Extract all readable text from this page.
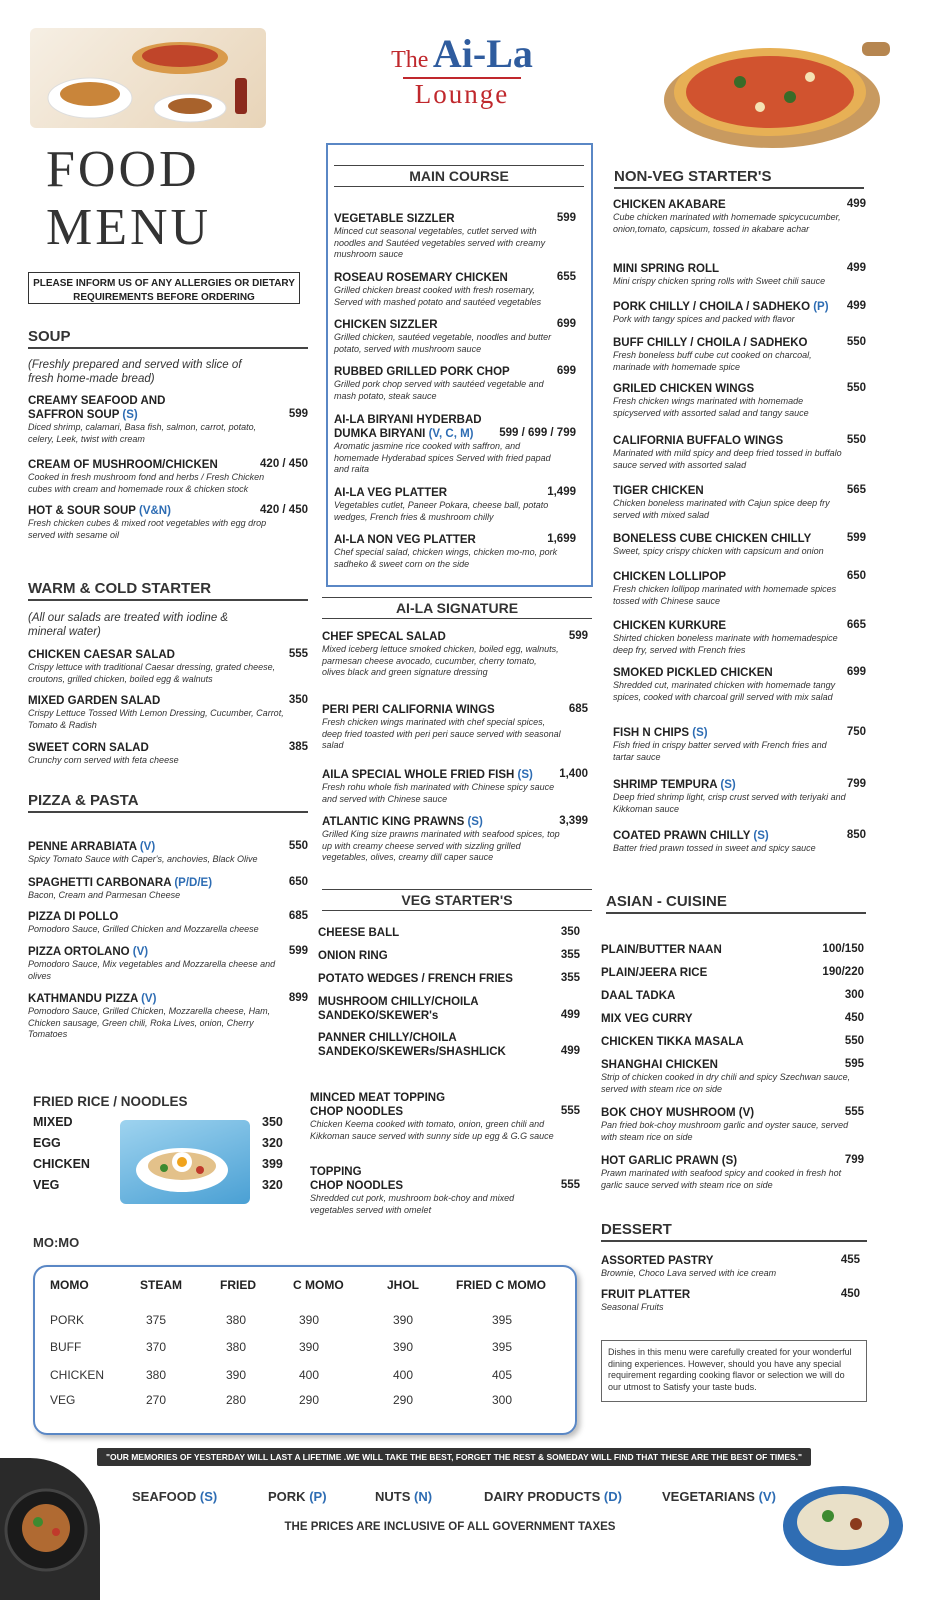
The Ai-La
Lounge
FOOD
MENU
PLEASE INFORM US OF ANY ALLERGIES OR DIETARY REQUIREMENTS BEFORE ORDERING
SOUP
(Freshly prepared and served with slice of fresh home-made bread)
CREAMY SEAFOOD AND
SAFFRON SOUP (S)
Diced shrimp, calamari, Basa fish, salmon, carrot, potato, celery, Leek, twist with cream
599
CREAM OF MUSHROOM/CHICKEN
Cooked in fresh mushroom fond and herbs / Fresh Chicken cubes with cream and homemade roux & chicken stock
420 / 450
HOT & SOUR SOUP (V&N)
Fresh chicken cubes & mixed root vegetables with egg drop served with sesame oil
420 / 450
WARM & COLD STARTER
(All our salads are treated with iodine & mineral water)
CHICKEN CAESAR SALAD
Crispy lettuce with traditional Caesar dressing, grated cheese, croutons, grilled chicken, boiled egg & walnuts
555
MIXED GARDEN SALAD
Crispy Lettuce Tossed With Lemon Dressing, Cucumber, Carrot, Tomato & Radish
350
SWEET CORN SALAD
Crunchy corn served with feta cheese
385
PIZZA & PASTA
PENNE ARRABIATA (V)
Spicy Tomato Sauce with Caper's, anchovies, Black Olive
550
SPAGHETTI CARBONARA (P/D/E)
Bacon, Cream and Parmesan Cheese
650
PIZZA DI POLLO
Pomodoro Sauce, Grilled Chicken and Mozzarella cheese
685
PIZZA ORTOLANO (V)
Pomodoro Sauce, Mix vegetables and Mozzarella cheese and olives
599
KATHMANDU PIZZA (V)
Pomodoro Sauce, Grilled Chicken, Mozzarella cheese, Ham, Chicken sausage, Green chili, Roka Lives, onion, Cherry Tomatoes
899
FRIED RICE / NOODLES
MIXED	350
EGG	320
CHICKEN	399
VEG	320
MAIN COURSE
VEGETABLE SIZZLER
Minced cut seasonal vegetables, cutlet served with noodles and Sautéed vegetables served with creamy mushroom sauce
599
ROSEAU ROSEMARY CHICKEN
Grilled chicken breast cooked with fresh rosemary, Served with mashed potato and sautéed vegetables
655
CHICKEN SIZZLER
Grilled chicken, sautéed vegetable, noodles and butter potato, served with mushroom sauce
699
RUBBED GRILLED PORK CHOP
Grilled pork chop served with sautéed vegetable and mash potato, steak sauce
699
AI-LA BIRYANI HYDERBAD
DUMKA BIRYANI (V, C, M)
Aromatic jasmine rice cooked with saffron, and homemade Hyderabad spices Served with fried papad and raita
599 / 699 / 799
AI-LA VEG PLATTER
Vegetables cutlet, Paneer Pokara, cheese ball, potato wedges, French fries & mushroom chilly
1,499
AI-LA NON VEG PLATTER
Chef special salad, chicken wings, chicken mo-mo, pork sadheko & sweet corn on the side
1,699
AI-LA SIGNATURE
CHEF SPECAL SALAD
Mixed iceberg lettuce smoked chicken, boiled egg, walnuts, parmesan cheese avocado, cucumber, cherry tomato, olives black and green signature dressing
599
PERI PERI CALIFORNIA WINGS
Fresh chicken wings marinated with chef special spices, deep fried toasted with peri peri sauce served with seasonal salad
685
AILA SPECIAL WHOLE FRIED FISH (S)
Fresh rohu whole fish marinated with Chinese spicy sauce and served with Chinese sauce
1,400
ATLANTIC KING PRAWNS (S)
Grilled King size prawns marinated with seafood spices, top up with creamy cheese served with sizzling grilled vegetables, olives, creamy dill caper sauce
3,399
VEG STARTER'S
CHEESE BALL	350
ONION RING	355
POTATO WEDGES / FRENCH FRIES	355
MUSHROOM CHILLY/CHOILA
SANDEKO/SKEWER's	499
PANNER CHILLY/CHOILA
SANDEKO/SKEWERs/SHASHLICK	499
MINCED MEAT TOPPING
CHOP NOODLES
Chicken Keema cooked with tomato, onion, green chili and Kikkoman sauce served with sunny side up egg & G.G sauce
555
TOPPING
CHOP NOODLES
Shredded cut pork, mushroom bok-choy and mixed vegetables served with omelet
555
NON-VEG STARTER'S
CHICKEN AKABARE
Cube chicken marinated with homemade spicycucumber, onion,tomato, capsicum, tossed in akabare achar
499
MINI SPRING ROLL
Mini crispy chicken spring rolls with Sweet chili sauce
499
PORK CHILLY / CHOILA / SADHEKO (P)
Pork with tangy spices and packed with flavor
499
BUFF CHILLY / CHOILA / SADHEKO
Fresh boneless buff cube cut cooked on charcoal, marinade with homemade spice
550
GRILED CHICKEN WINGS
Fresh chicken wings marinated with homemade spicyserved with assorted salad and tangy sauce
550
CALIFORNIA BUFFALO WINGS
Marinated with mild spicy and deep fried tossed in buffalo sauce served with assorted salad
550
TIGER CHICKEN
Chicken boneless marinated with Cajun spice deep fry served with mixed salad
565
BONELESS CUBE CHICKEN CHILLY
Sweet, spicy crispy chicken with capsicum and onion
599
CHICKEN LOLLIPOP
Fresh chicken lollipop marinated with homemade spices tossed with Chinese sauce
650
CHICKEN KURKURE
Shirted chicken boneless marinate with homemadespice deep fry, served with French fries
665
SMOKED PICKLED CHICKEN
Shredded cut, marinated chicken with homemade tangy spices, cooked with charcoal grill served with mix salad
699
FISH N CHIPS (S)
Fish fried in crispy batter served with French fries and tartar sauce
750
SHRIMP TEMPURA (S)
Deep fried shrimp light, crisp crust served with teriyaki and Kikkoman sauce
799
COATED PRAWN CHILLY (S)
Batter fried prawn tossed in sweet and spicy sauce
850
ASIAN - CUISINE
PLAIN/BUTTER NAAN	100/150
PLAIN/JEERA RICE	190/220
DAAL TADKA	300
MIX VEG CURRY	450
CHICKEN TIKKA MASALA	550
SHANGHAI CHICKEN
Strip of chicken cooked in dry chili and spicy Szechwan sauce, served with steam rice on side
595
BOK CHOY MUSHROOM (V)
Pan fried bok-choy mushroom garlic and oyster sauce, served with steam rice on side
555
HOT GARLIC PRAWN (S)
Prawn marinated with seafood spicy and cooked in fresh hot garlic sauce served with steam rice on side
799
DESSERT
ASSORTED PASTRY
Brownie, Choco Lava served with ice cream
455
FRUIT PLATTER
Seasonal Fruits
450
MO:MO
MOMO	STEAM	FRIED	C MOMO	JHOL	FRIED C MOMO
PORK	375	380	390	390	395
BUFF	370	380	390	390	395
CHICKEN	380	390	400	400	405
VEG	270	280	290	290	300
Dishes in this menu were carefully created for your wonderful dining experiences. However, should you have any special requirement regarding cooking flavor or selection we will do our utmost to Satisfy your taste buds.
"OUR MEMORIES OF YESTERDAY WILL LAST A LIFETIME .WE WILL TAKE THE BEST, FORGET THE REST & SOMEDAY WILL FIND THAT THESE ARE THE BEST OF TIMES."
SEAFOOD (S)	PORK (P)	NUTS (N)	DAIRY PRODUCTS (D)	VEGETARIANS (V)
THE PRICES ARE INCLUSIVE OF ALL GOVERNMENT TAXES
